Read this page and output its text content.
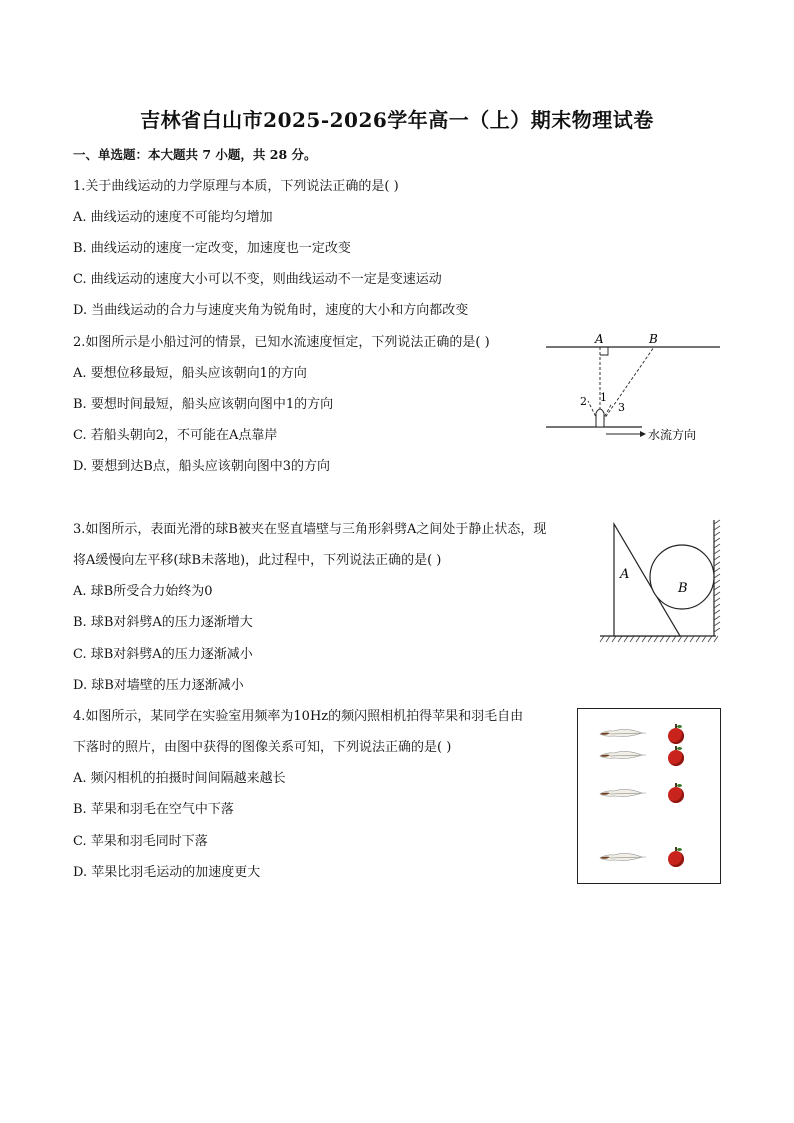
吉林省白山市2025-2026学年高一（上）期末物理试卷
一、单选题：本大题共 7 小题，共 28 分。
1.关于曲线运动的力学原理与本质，下列说法正确的是( )
A. 曲线运动的速度不可能均匀增加
B. 曲线运动的速度一定改变，加速度也一定改变
C. 曲线运动的速度大小可以不变，则曲线运动不一定是变速运动
D. 当曲线运动的合力与速度夹角为锐角时，速度的大小和方向都改变
2.如图所示是小船过河的情景，已知水流速度恒定，下列说法正确的是( )
A. 要想位移最短，船头应该朝向1的方向
B. 要想时间最短，船头应该朝向图中1的方向
C. 若船头朝向2，不可能在A点靠岸
D. 要想到达B点，船头应该朝向图中3的方向
A	B
1
2	3
水流方向
3.如图所示，表面光滑的球B被夹在竖直墙壁与三角形斜劈A之间处于静止状态，现
将A缓慢向左平移(球B未落地)，此过程中，下列说法正确的是( )
A. 球B所受合力始终为0
B. 球B对斜劈A的压力逐渐增大
C. 球B对斜劈A的压力逐渐减小
D. 球B对墙壁的压力逐渐减小
A
B
4.如图所示，某同学在实验室用频率为10Hz的频闪照相机拍得苹果和羽毛自由
下落时的照片，由图中获得的图像关系可知，下列说法正确的是( )
A. 频闪相机的拍摄时间间隔越来越长
B. 苹果和羽毛在空气中下落
C. 苹果和羽毛同时下落
D. 苹果比羽毛运动的加速度更大
